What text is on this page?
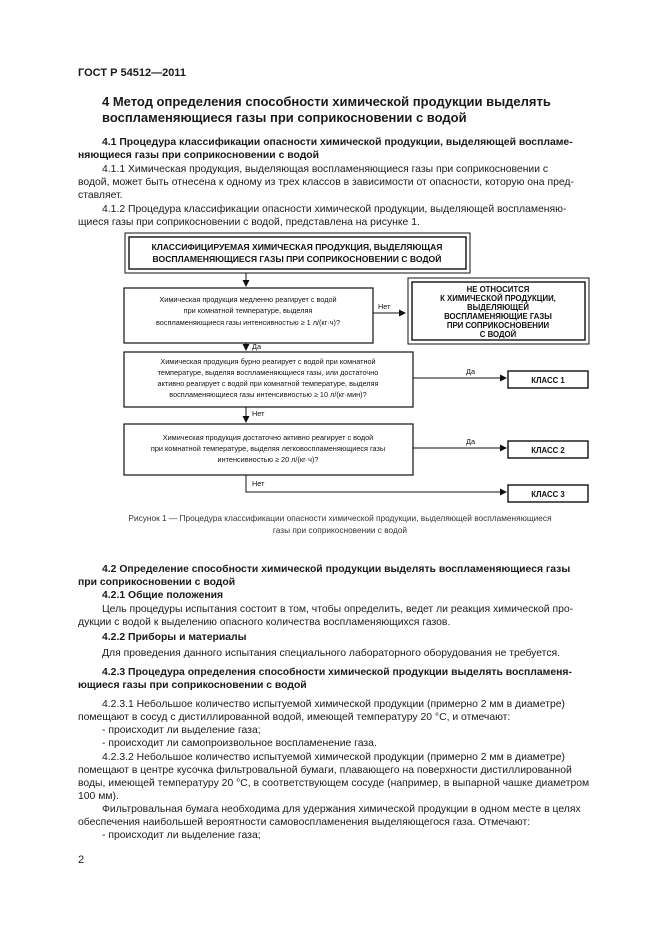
ГОСТ Р 54512—2011
4 Метод определения способности химической продукции выделять
воспламеняющиеся газы при соприкосновении с водой
4.1 Процедура классификации опасности химической продукции, выделяющей воспламе-
няющиеся газы при соприкосновении с водой
4.1.1 Химическая продукция, выделяющая воспламеняющиеся газы при соприкосновении с
водой, может быть отнесена к одному из трех классов в зависимости от опасности, которую она пред-
ставляет.
4.1.2 Процедура классификации опасности химической продукции, выделяющей воспламеняю-
щиеся газы при соприкосновении с водой, представлена на рисунке 1.
КЛАССИФИЦИРУЕМАЯ ХИМИЧЕСКАЯ ПРОДУКЦИЯ, ВЫДЕЛЯЮЩАЯ
ВОСПЛАМЕНЯЮЩИЕСЯ ГАЗЫ ПРИ СОПРИКОСНОВЕНИИ С ВОДОЙ
Химическая продукция медленно реагирует с водой
при комнатной температуре, выделяя
воспламеняющиеся газы интенсивностью ≥ 1 л/(кг·ч)?
Химическая продукция бурно реагирует с водой при комнатной
температуре, выделяя воспламеняющиеся газы, или достаточно
активно реагирует с водой при комнатной температуре, выделяя
воспламеняющиеся газы интенсивностью ≥ 10 л/(кг·мин)?
Химическая продукция достаточно активно реагирует с водой
при комнатной температуре, выделяя легковоспламеняющиеся газы
интенсивностью ≥ 20 л/(кг·ч)?
НЕ ОТНОСИТСЯ
К ХИМИЧЕСКОЙ ПРОДУКЦИИ,
ВЫДЕЛЯЮЩЕЙ
ВОСПЛАМЕНЯЮЩИЕ ГАЗЫ
ПРИ СОПРИКОСНОВЕНИИ
С ВОДОЙ
КЛАСС 1
КЛАСС 2
КЛАСС 3
Нет
Да
Да
Нет
Да
Нет
Рисунок 1 — Процедура классификации опасности химической продукции, выделяющей воспламеняющиеся
газы при соприкосновении с водой
4.2 Определение способности химической продукции выделять воспламеняющиеся газы
при соприкосновении с водой
4.2.1 Общие положения
Цель процедуры испытания состоит в том, чтобы определить, ведет ли реакция химической про-
дукции с водой к выделению опасного количества воспламеняющихся газов.
4.2.2 Приборы и материалы
Для проведения данного испытания специального лабораторного оборудования не требуется.
4.2.3 Процедура определения способности химической продукции выделять воспламеня-
ющиеся газы при соприкосновении с водой
4.2.3.1 Небольшое количество испытуемой химической продукции (примерно 2 мм в диаметре)
помещают в сосуд с дистиллированной водой, имеющей температуру 20 °С, и отмечают:
- происходит ли выделение газа;
- происходит ли самопроизвольное воспламенение газа.
4.2.3.2 Небольшое количество испытуемой химической продукции (примерно 2 мм в диаметре)
помещают в центре кусочка фильтровальной бумаги, плавающего на поверхности дистиллированной
воды, имеющей температуру 20 °С, в соответствующем сосуде (например, в выпарной чашке диаметром
100 мм).
Фильтровальная бумага необходима для удержания химической продукции в одном месте в целях
обеспечения наибольшей вероятности самовоспламенения выделяющегося газа. Отмечают:
- происходит ли выделение газа;
2
